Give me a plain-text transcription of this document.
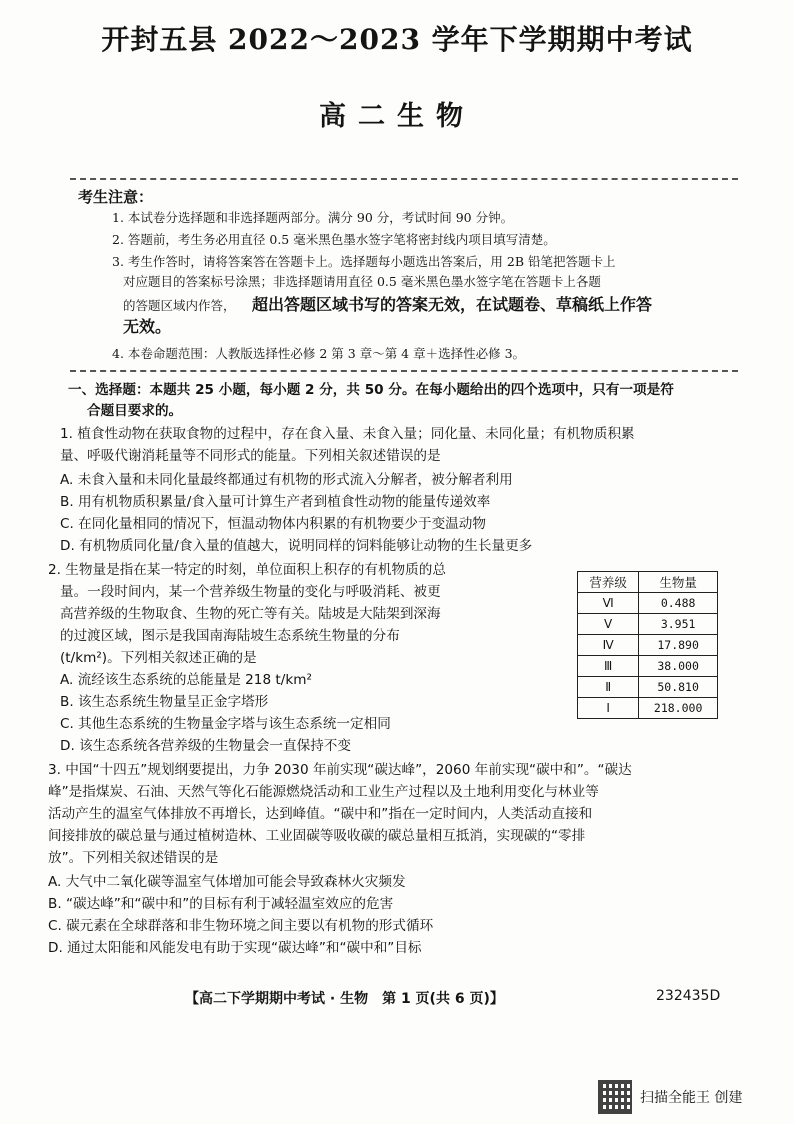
开封五县 2022～2023 学年下学期期中考试
高二生物
考生注意：
1. 本试卷分选择题和非选择题两部分。满分 90 分，考试时间 90 分钟。
2. 答题前，考生务必用直径 0.5 毫米黑色墨水签字笔将密封线内项目填写清楚。
3. 考生作答时，请将答案答在答题卡上。选择题每小题选出答案后，用 2B 铅笔把答题卡上
对应题目的答案标号涂黑；非选择题请用直径 0.5 毫米黑色墨水签字笔在答题卡上各题
的答题区域内作答， 超出答题区域书写的答案无效，在试题卷、草稿纸上作答
无效。
4. 本卷命题范围：人教版选择性必修 2 第 3 章～第 4 章＋选择性必修 3。
一、选择题：本题共 25 小题，每小题 2 分，共 50 分。在每小题给出的四个选项中，只有一项是符
合题目要求的。
1. 植食性动物在获取食物的过程中，存在食入量、未食入量；同化量、未同化量；有机物质积累
量、呼吸代谢消耗量等不同形式的能量。下列相关叙述错误的是
A. 未食入量和未同化量最终都通过有机物的形式流入分解者，被分解者利用
B. 用有机物质积累量/食入量可计算生产者到植食性动物的能量传递效率
C. 在同化量相同的情况下，恒温动物体内积累的有机物要少于变温动物
D. 有机物质同化量/食入量的值越大，说明同样的饲料能够让动物的生长量更多
2. 生物量是指在某一特定的时刻，单位面积上积存的有机物质的总
量。一段时间内，某一个营养级生物量的变化与呼吸消耗、被更
高营养级的生物取食、生物的死亡等有关。陆坡是大陆架到深海
的过渡区域，图示是我国南海陆坡生态系统生物量的分布
(t/km²)。下列相关叙述正确的是
A. 流经该生态系统的总能量是 218 t/km²
B. 该生态系统生物量呈正金字塔形
C. 其他生态系统的生物量金字塔与该生态系统一定相同
D. 该生态系统各营养级的生物量会一直保持不变
营养级	生物量
Ⅵ	0.488
Ⅴ	3.951
Ⅳ	17.890
Ⅲ	38.000
Ⅱ	50.810
Ⅰ	218.000
3. 中国“十四五”规划纲要提出，力争 2030 年前实现“碳达峰”，2060 年前实现“碳中和”。“碳达
峰”是指煤炭、石油、天然气等化石能源燃烧活动和工业生产过程以及土地利用变化与林业等
活动产生的温室气体排放不再增长，达到峰值。“碳中和”指在一定时间内，人类活动直接和
间接排放的碳总量与通过植树造林、工业固碳等吸收碳的碳总量相互抵消，实现碳的“零排
放”。下列相关叙述错误的是
A. 大气中二氧化碳等温室气体增加可能会导致森林火灾频发
B. “碳达峰”和“碳中和”的目标有利于减轻温室效应的危害
C. 碳元素在全球群落和非生物环境之间主要以有机物的形式循环
D. 通过太阳能和风能发电有助于实现“碳达峰”和“碳中和”目标
【高二下学期期中考试 · 生物　第 1 页(共 6 页)】	232435D
扫描全能王 创建
